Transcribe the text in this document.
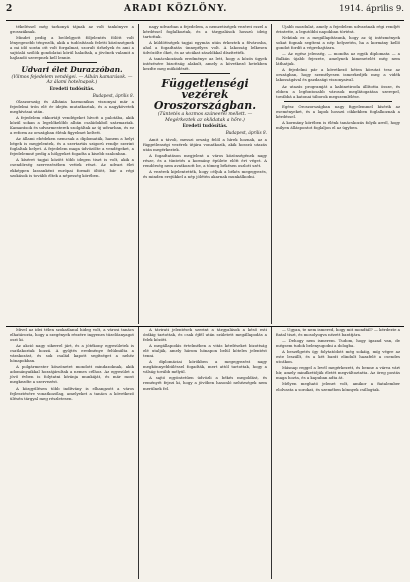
2	ARADI KÖZLÖNY.	1914. április 9.

tékeléssel még tarkonyá tájnak az volt tankönyve a grosszáknak.

Mindet pedig a beölelgyott följelentés fölött volt lényegesebb tényezők, akik a tudósítások feletti közönségnek a mi idő során ott volt forgalmat, szorult űrhelyek és ami a sajtóalá szólók gondolatai körül haladtak, a jövőnek valamit a hajlandó szerepnek kell lennie.

Udvari élet Durazzóban.
(Vilmos fejedelem vendégei. — Albán kamarások. — Az álami hotelnapok.)
Eredeti tudósítás.
Budapest, április 8.

Olaszország és Albánia harmonikus viszonyai már a fejedelmi trón elé ér idején mutatkoztak, és a nagykövetek meghívásai után.

A fejedelem ekkortájt vendégeket hívott a palotába, akik közül sokan a legelőkelőbb albán családokból származtak. Kamarások és udvarmesterek szolgáltak az új udvarban, és ez a reform az országban élénk figyelmet keltett.

Az állami ebédeken nemcsak a diplomaták, hanem a helyi bégek is megjelentek, és a szertartás szigorú rendje szerint foglaltak helyet. A fejedelem maga üdvözölte a vendégeket, a fejedelemné pedig a hölgyeket fogadta a kisebb szalonban.

A kíséret tagjai között több idegen tiszt is volt, akik a csendőrség szervezésében vettek részt. Az udvari élet ekképpen lassanként európai formát öltött, bár a régi szokások is tovább éltek a népesség körében.

nagy udvarban a fejedelem, a nemzetiségek vezérei ezzel a kérdéssel foglalkoztak, és a tárgyalások hosszú ideig tartottak.

A küldöttségek tagjai egymás után érkeztek a fővárosba, ahol a fogadtatás ünnepélyes volt. A lakosság lelkesen üdvözölte őket, és az utcákat zászlókkal díszítették.

A tanácskozások eredménye az lett, hogy a közös ügyek intézésére bizottság alakult, amely a következő hetekben kezdte meg működését.

Függetlenségi vezérek Oroszországban.
(Tüntetés a kozmos száneeréi mellett. — Megérkeztek az oklidatak a hőre.)
Eredeti tudósítás.
Budapest, április 8.

Amit a távoli, messzi ország felől a hírek hoznak, az a függetlenségi vezérek útjára vonatkozik, akik hosszú utazás után megérkeztek.

A fogadtatáson megjelent a város közönségének nagy része, és a tüntetés a kormány épülete előtt ért véget. A rendőrség nem avatkozott be, a tömeg békésen oszlott szét.

A vezérek kijelentették, hogy céljuk a békés megegyezés, és minden erejükkel a nép jólétén akarnak munkálkodni.

Ujabb mozdulat, amely a fejedelem udvarának régi rendjét érintette, a legutóbbi napokban történt.

Nekünk ez a megállapításunk, hogy az új intézmények sokat fognak segíteni a nép helyzetén, ha a kormány kellő gondot fordít a végrehajtásra.

— Az egész jelenség, — mondta az egyik diplomata — a Balkán újabb fejezete, amelynek kimenetelét még nem láthatjuk.

A fejedelmi pár a következő héten körutat tesz az országban, hogy személyesen ismerkedjék meg a vidék lakosságával és gazdasági viszonyaival.

Az utazás programját a kabinetiroda állította össze, és ebben a legfontosabb városok meglátogatása szerepel, továbbá a katonai táborok megszemlélése.

Egész Oroszországban nagy figyelemmel kísérik az eseményeket, és a lapok hosszú cikkekben foglalkoznak a kérdéssel.

A kormány körében is élénk tanácskozás folyik arról, hogy milyen álláspontot foglaljon el az ügyben.

Mivel az idei télen szokatlanul hideg volt, a városi tanács elhatározta, hogy a szegények részére ingyenes tüzelőanyagot oszt ki.

Az akció nagy sikerrel járt, és a jótékony egyesületek is csatlakoztak hozzá. A gyűjtés eredménye felülmúlta a várakozást, és sok család kapott segítséget a nehéz hónapokban.

A polgármester köszönetet mondott mindazoknak, akik adományaikkal hozzájárultak a nemes célhoz. Az egyesület a jövő évben is folytatni kívánja munkáját, és már most megkezdte a szervezést.

A közgyűlésen több indítvány is elhangzott a város fejlesztésére vonatkozólag, amelyeket a tanács a következő ülésén tárgyal meg részletesen.

A távirati jelentések szerint a tárgyalások a késő esti órákig tartottak, és csak éjfél után született megállapodás a felek között.

A megállapodás értelmében a vitás kérdéseket bizottság elé utalják, amely három hónapon belül köteles jelentést tenni.

A diplomáciai körökben a megegyezést nagy megkönnyebbüléssel fogadták, mert attól tartottak, hogy a válság tovább mélyül.

A sajtó egyöntetűen üdvözli a békés megoldást, és reményét fejezi ki, hogy a jövőben hasonló nehézségek nem merülnek fel.

— Ugyan, te nem ismered, hogy mit mondtál? — kérdezte a fiatal tiszt, és mosolyogva nézett barátjára.

— Dehogy nem ismerem. Tudom, hogy igazad van, de mégsem tudok belenyugodni a dologba.

A beszélgetés így folytatódott még sokáig, míg végre az este leszállt, és a két barát elindult hazafelé a csendes utcákon.

Másnap reggel a levél megérkezett, és benne a várva várt hír, amely mindkettőjük életét megváltoztatta. Az öreg postás maga hozta, és a kapuban adta át.

Mélyen megható jelenet volt, amikor a fiatalember elolvasta a sorokat, és szemében könnyek csillogtak.
